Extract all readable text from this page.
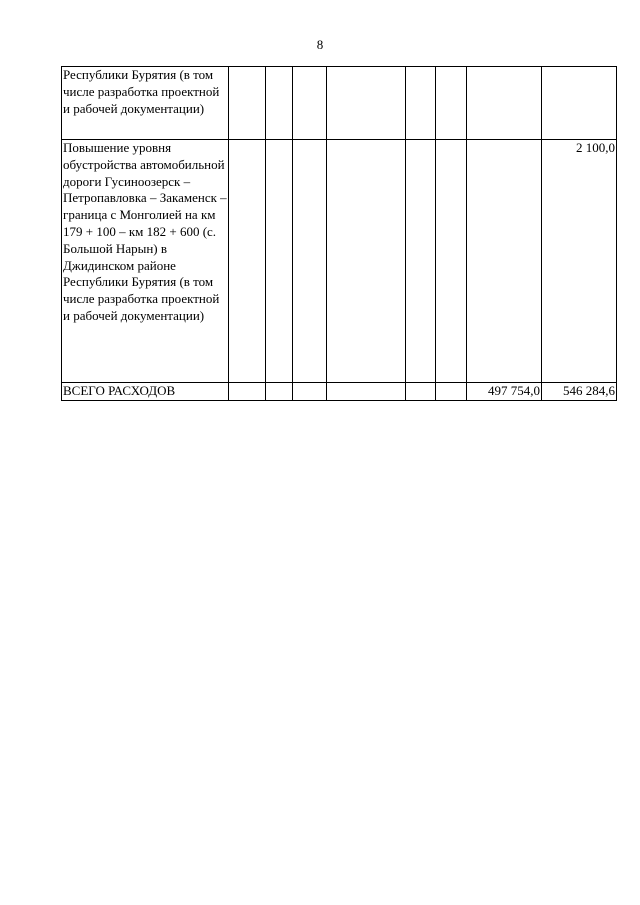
8
Республики Бурятия (в том числе разработка проектной и рабочей документации)								
Повышение уровня обустройства автомобильной дороги Гусиноозерск – Петропавловка – Закаменск – граница с Монголией на км 179 + 100 – км 182 + 600 (с. Большой Нарын) в Джидинском районе Республики Бурятия (в том числе разработка проектной и рабочей документации)								2 100,0
ВСЕГО РАСХОДОВ							497 754,0	546 284,6
